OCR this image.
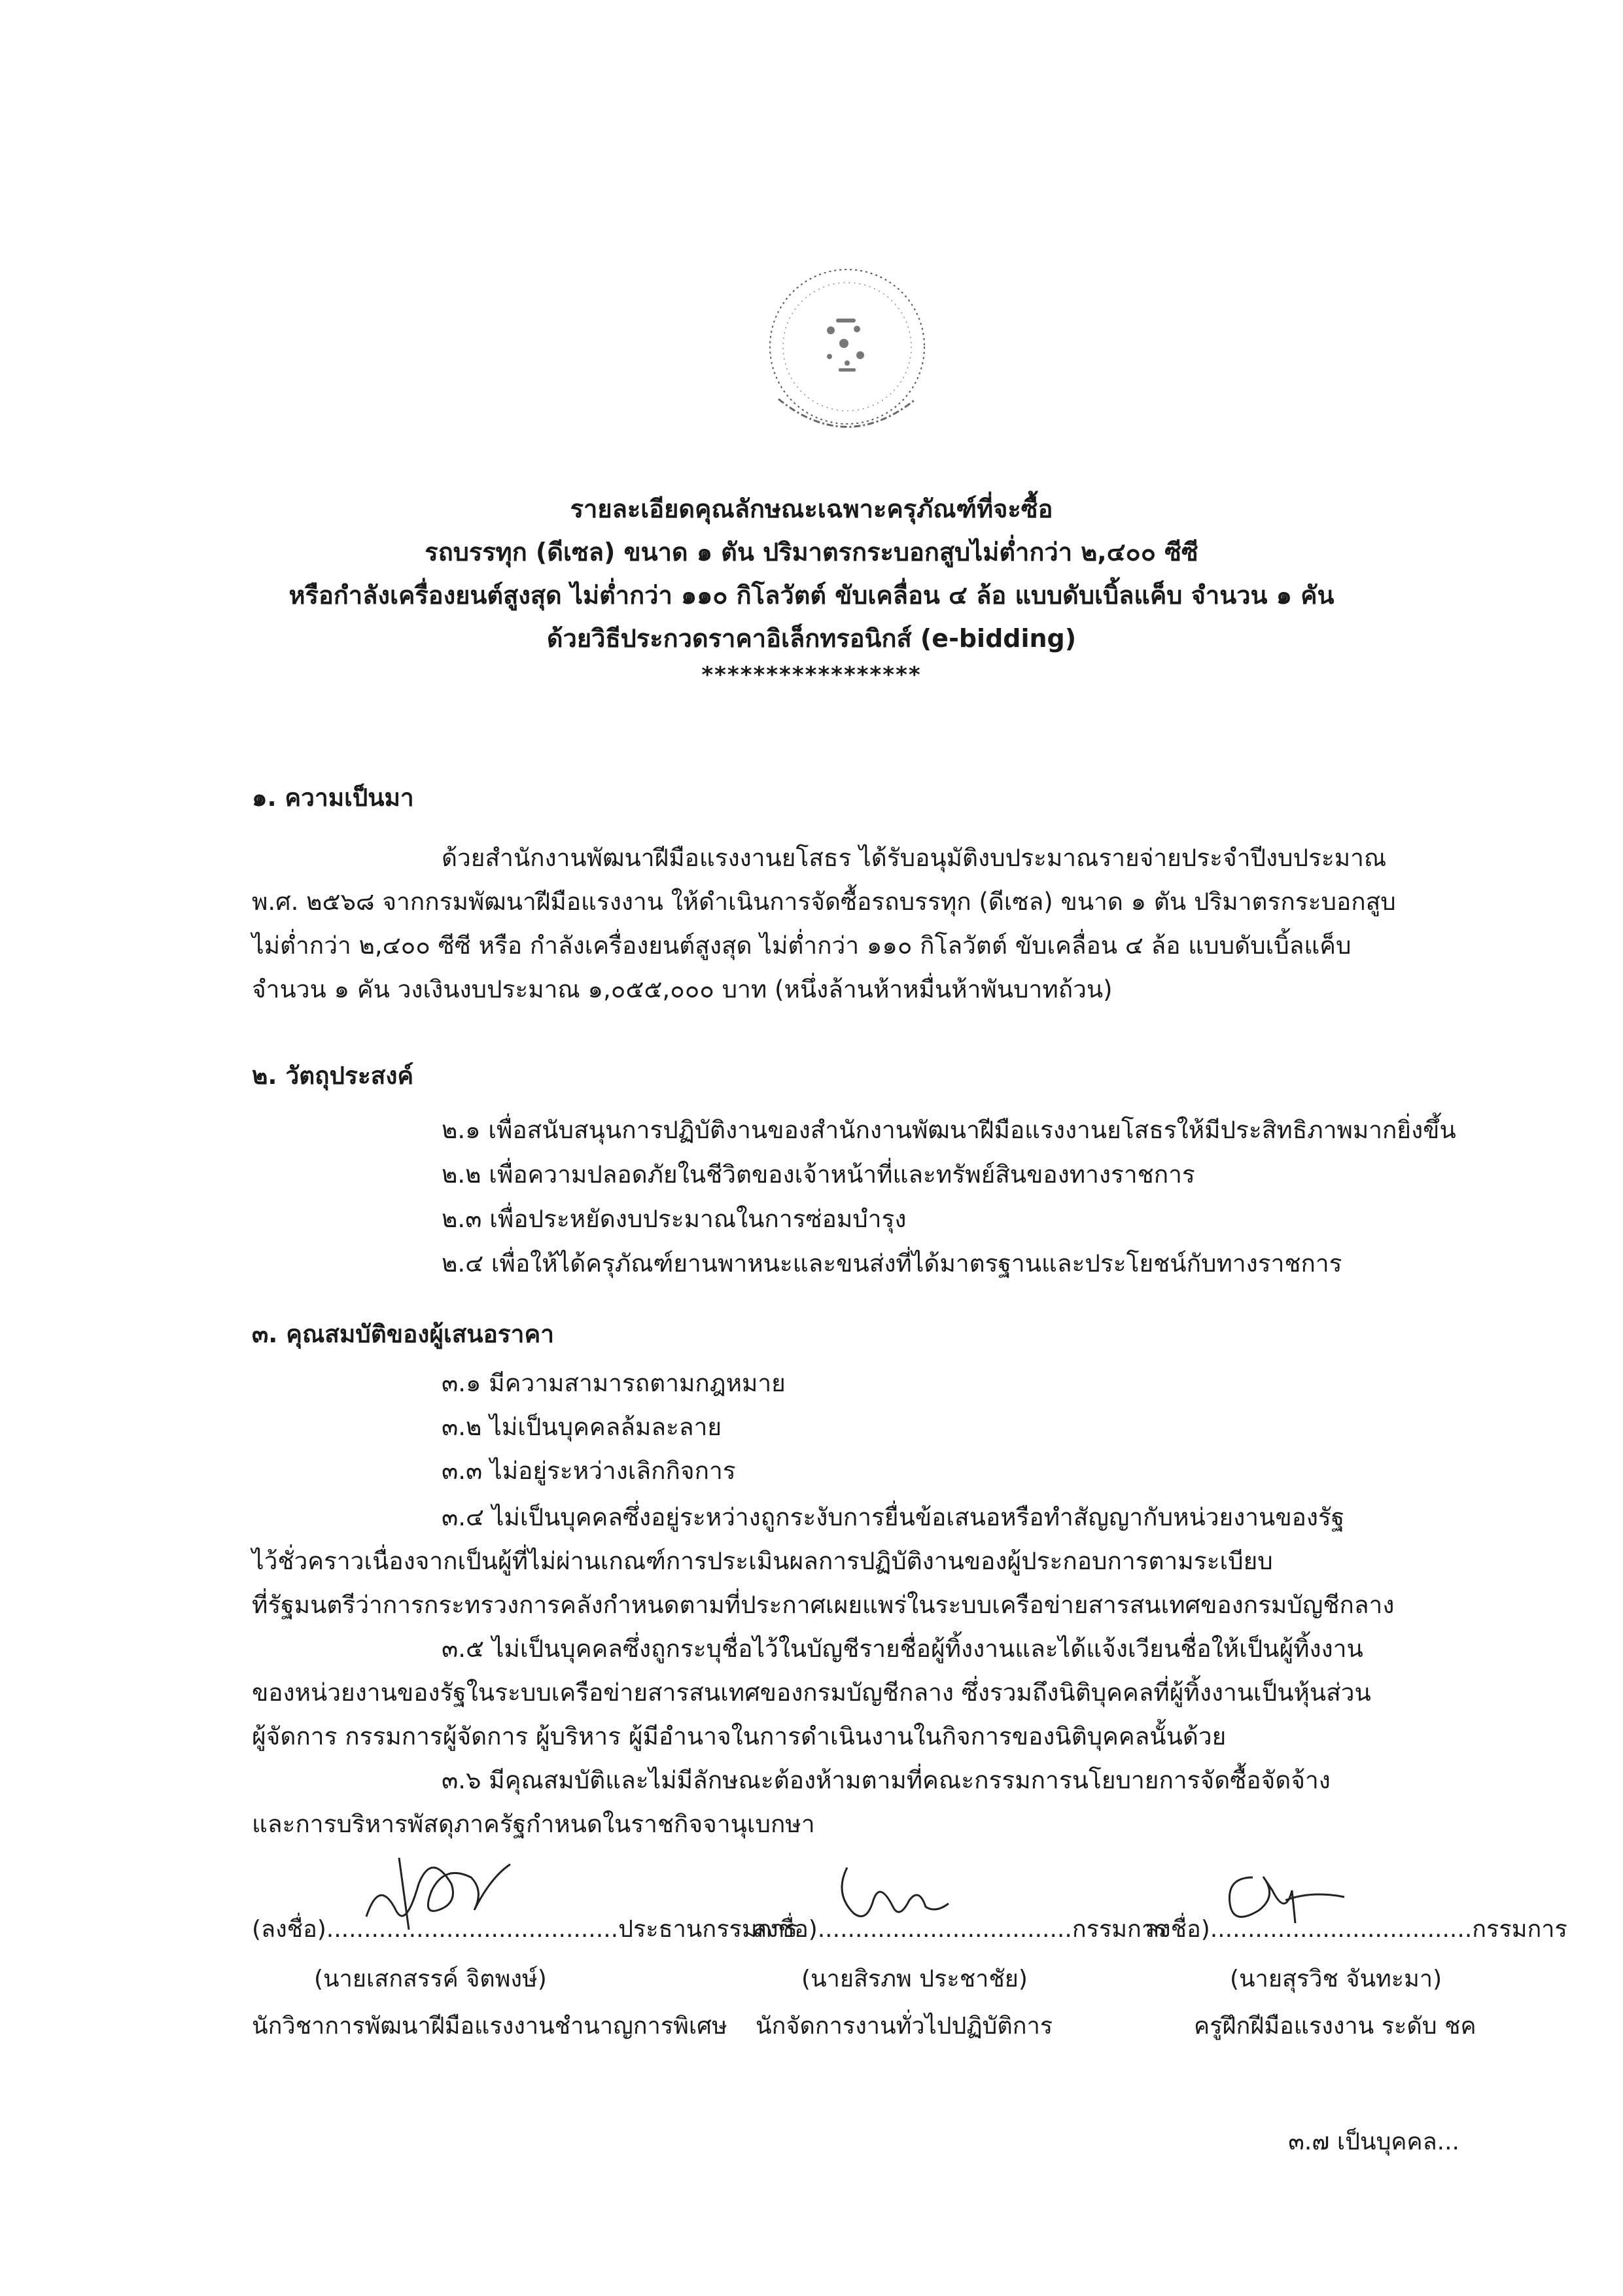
รายละเอียดคุณลักษณะเฉพาะครุภัณฑ์ที่จะซื้อ
รถบรรทุก (ดีเซล) ขนาด ๑ ตัน ปริมาตรกระบอกสูบไม่ต่ำกว่า ๒,๔๐๐ ซีซี
หรือกำลังเครื่องยนต์สูงสุด ไม่ต่ำกว่า ๑๑๐ กิโลวัตต์ ขับเคลื่อน ๔ ล้อ แบบดับเบิ้ลแค็บ จำนวน ๑ คัน
ด้วยวิธีประกวดราคาอิเล็กทรอนิกส์ (e-bidding)
*****************
๑. ความเป็นมา
ด้วยสำนักงานพัฒนาฝีมือแรงงานยโสธร ได้รับอนุมัติงบประมาณรายจ่ายประจำปีงบประมาณ
พ.ศ. ๒๕๖๘ จากกรมพัฒนาฝีมือแรงงาน ให้ดำเนินการจัดซื้อรถบรรทุก (ดีเซล) ขนาด ๑ ตัน ปริมาตรกระบอกสูบ
ไม่ต่ำกว่า ๒,๔๐๐ ซีซี หรือ กำลังเครื่องยนต์สูงสุด ไม่ต่ำกว่า ๑๑๐ กิโลวัตต์ ขับเคลื่อน ๔ ล้อ แบบดับเบิ้ลแค็บ
จำนวน ๑ คัน วงเงินงบประมาณ ๑,๐๕๕,๐๐๐ บาท (หนึ่งล้านห้าหมื่นห้าพันบาทถ้วน)
๒. วัตถุประสงค์
๒.๑ เพื่อสนับสนุนการปฏิบัติงานของสำนักงานพัฒนาฝีมือแรงงานยโสธรให้มีประสิทธิภาพมากยิ่งขึ้น
๒.๒ เพื่อความปลอดภัยในชีวิตของเจ้าหน้าที่และทรัพย์สินของทางราชการ
๒.๓ เพื่อประหยัดงบประมาณในการซ่อมบำรุง
๒.๔ เพื่อให้ได้ครุภัณฑ์ยานพาหนะและขนส่งที่ได้มาตรฐานและประโยชน์กับทางราชการ
๓. คุณสมบัติของผู้เสนอราคา
๓.๑ มีความสามารถตามกฎหมาย
๓.๒ ไม่เป็นบุคคลล้มละลาย
๓.๓ ไม่อยู่ระหว่างเลิกกิจการ
๓.๔ ไม่เป็นบุคคลซึ่งอยู่ระหว่างถูกระงับการยื่นข้อเสนอหรือทำสัญญากับหน่วยงานของรัฐ
ไว้ชั่วคราวเนื่องจากเป็นผู้ที่ไม่ผ่านเกณฑ์การประเมินผลการปฏิบัติงานของผู้ประกอบการตามระเบียบ
ที่รัฐมนตรีว่าการกระทรวงการคลังกำหนดตามที่ประกาศเผยแพร่ในระบบเครือข่ายสารสนเทศของกรมบัญชีกลาง
๓.๕ ไม่เป็นบุคคลซึ่งถูกระบุชื่อไว้ในบัญชีรายชื่อผู้ทิ้งงานและได้แจ้งเวียนชื่อให้เป็นผู้ทิ้งงาน
ของหน่วยงานของรัฐในระบบเครือข่ายสารสนเทศของกรมบัญชีกลาง ซึ่งรวมถึงนิติบุคคลที่ผู้ทิ้งงานเป็นหุ้นส่วน
ผู้จัดการ กรรมการผู้จัดการ ผู้บริหาร ผู้มีอำนาจในการดำเนินงานในกิจการของนิติบุคคลนั้นด้วย
๓.๖ มีคุณสมบัติและไม่มีลักษณะต้องห้ามตามที่คณะกรรมการนโยบายการจัดซื้อจัดจ้าง
และการบริหารพัสดุภาครัฐกำหนดในราชกิจจานุเบกษา
(ลงชื่อ).......................................ประธานกรรมการ
(นายเสกสรรค์ จิตพงษ์)
นักวิชาการพัฒนาฝีมือแรงงานชำนาญการพิเศษ
ลงชื่อ)..................................กรรมการ
(นายสิรภพ ประชาชัย)
นักจัดการงานทั่วไปปฏิบัติการ
ลงชื่อ)...................................กรรมการ
(นายสุรวิช จันทะมา)
ครูฝึกฝีมือแรงงาน ระดับ ชค
๓.๗ เป็นบุคคล...
